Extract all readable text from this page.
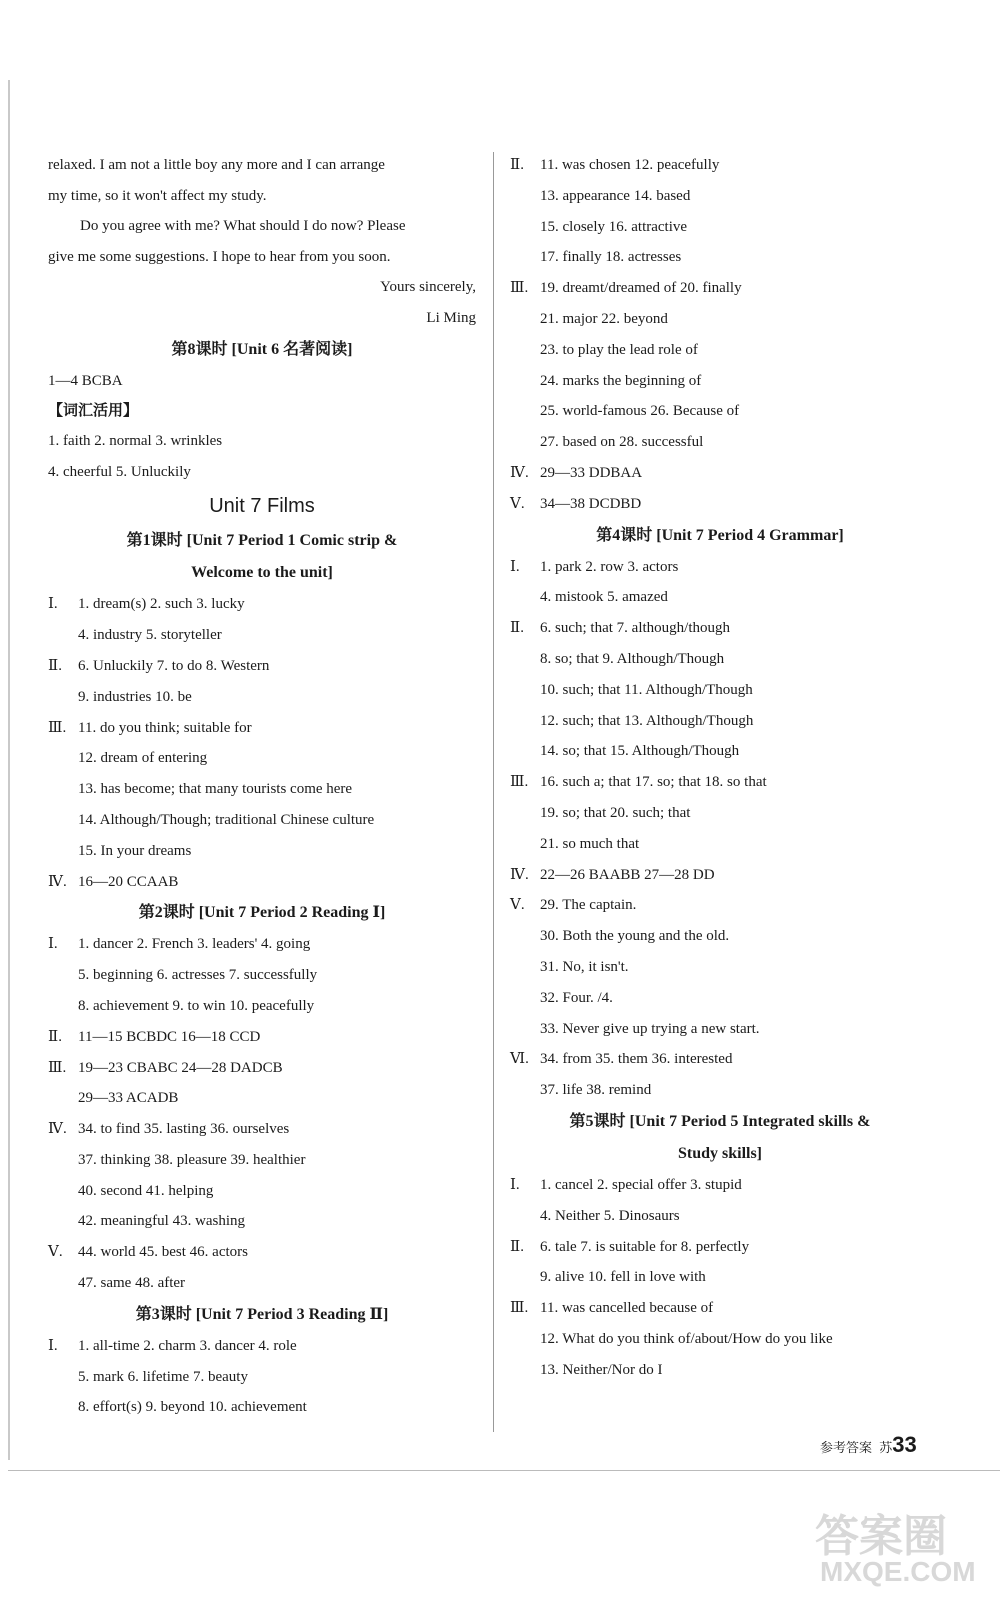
relaxed. I am not a little boy any more and I can arrange
my time, so it won't affect my study.
Do you agree with me? What should I do now? Please
give me some suggestions. I hope to hear from you soon.
Yours sincerely,
Li Ming
第8课时 [Unit 6 名著阅读]
1—4 BCBA
【词汇活用】
1. faith 2. normal 3. wrinkles
4. cheerful 5. Unluckily
Unit 7 Films
第1课时 [Unit 7 Period 1 Comic strip &
Welcome to the unit]
Ⅰ.	1. dream(s) 2. such 3. lucky
4. industry 5. storyteller
Ⅱ.	6. Unluckily 7. to do 8. Western
9. industries 10. be
Ⅲ. 11. do you think; suitable for
12. dream of entering
13. has become; that many tourists come here
14. Although/Though; traditional Chinese culture
15. In your dreams
Ⅳ. 16—20 CCAAB
第2课时 [Unit 7 Period 2 Reading Ⅰ]
Ⅰ.	1. dancer 2. French 3. leaders' 4. going
5. beginning 6. actresses 7. successfully
8. achievement 9. to win 10. peacefully
Ⅱ.	11—15 BCBDC 16—18 CCD
Ⅲ. 19—23 CBABC 24—28 DADCB
29—33 ACADB
Ⅳ. 34. to find 35. lasting 36. ourselves
37. thinking 38. pleasure 39. healthier
40. second 41. helping
42. meaningful 43. washing
Ⅴ.	44. world 45. best 46. actors
47. same 48. after
第3课时 [Unit 7 Period 3 Reading Ⅱ]
Ⅰ.	1. all-time 2. charm 3. dancer 4. role
5. mark 6. lifetime 7. beauty
8. effort(s) 9. beyond 10. achievement
Ⅱ.	11. was chosen 12. peacefully
13. appearance 14. based
15. closely 16. attractive
17. finally 18. actresses
Ⅲ. 19. dreamt/dreamed of 20. finally
21. major 22. beyond
23. to play the lead role of
24. marks the beginning of
25. world-famous 26. Because of
27. based on 28. successful
Ⅳ. 29—33 DDBAA
Ⅴ.	34—38 DCDBD
第4课时 [Unit 7 Period 4 Grammar]
Ⅰ.	1. park 2. row 3. actors
4. mistook 5. amazed
Ⅱ.	6. such; that 7. although/though
8. so; that 9. Although/Though
10. such; that 11. Although/Though
12. such; that 13. Although/Though
14. so; that 15. Although/Though
Ⅲ. 16. such a; that 17. so; that 18. so that
19. so; that 20. such; that
21. so much that
Ⅳ. 22—26 BAABB 27—28 DD
Ⅴ.	29. The captain.
30. Both the young and the old.
31. No, it isn't.
32. Four. /4.
33. Never give up trying a new start.
Ⅵ. 34. from 35. them 36. interested
37. life 38. remind
第5课时 [Unit 7 Period 5 Integrated skills &
Study skills]
Ⅰ.	1. cancel 2. special offer 3. stupid
4. Neither 5. Dinosaurs
Ⅱ.	6. tale 7. is suitable for 8. perfectly
9. alive 10. fell in love with
Ⅲ. 11. was cancelled because of
12. What do you think of/about/How do you like
13. Neither/Nor do I
参考答案 苏33
答案圈
MXQE.COM
